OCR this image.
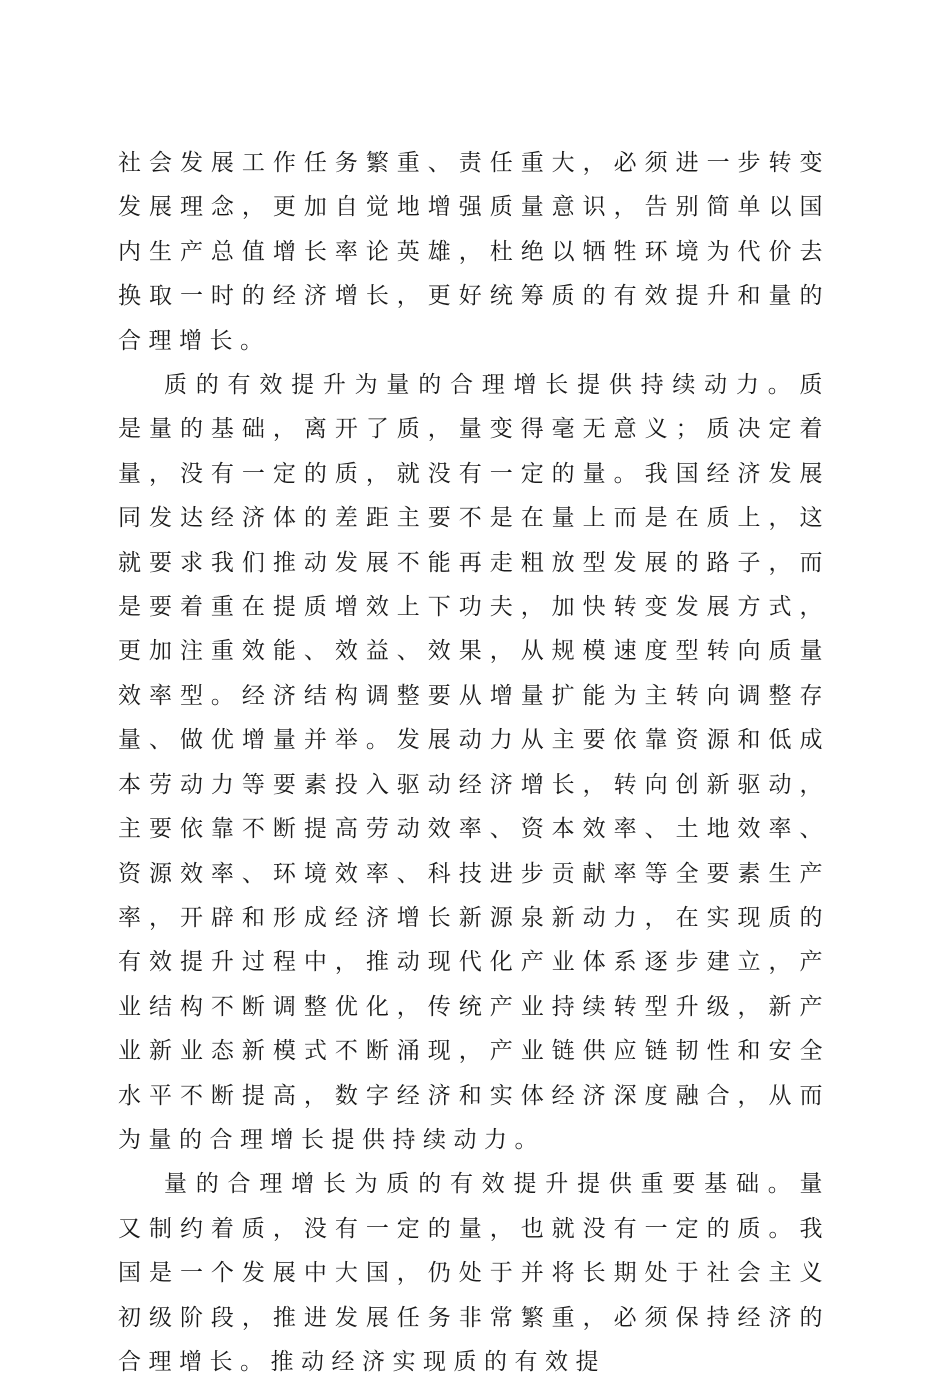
社会发展工作任务繁重、责任重大，必须进一步转变发展理念，更加自觉地增强质量意识，告别简单以国内生产总值增长率论英雄，杜绝以牺牲环境为代价去换取一时的经济增长，更好统筹质的有效提升和量的合理增长。

质的有效提升为量的合理增长提供持续动力。质是量的基础，离开了质，量变得毫无意义；质决定着量，没有一定的质，就没有一定的量。我国经济发展同发达经济体的差距主要不是在量上而是在质上，这就要求我们推动发展不能再走粗放型发展的路子，而是要着重在提质增效上下功夫，加快转变发展方式，更加注重效能、效益、效果，从规模速度型转向质量效率型。经济结构调整要从增量扩能为主转向调整存量、做优增量并举。发展动力从主要依靠资源和低成本劳动力等要素投入驱动经济增长，转向创新驱动，主要依靠不断提高劳动效率、资本效率、土地效率、资源效率、环境效率、科技进步贡献率等全要素生产率，开辟和形成经济增长新源泉新动力，在实现质的有效提升过程中，推动现代化产业体系逐步建立，产业结构不断调整优化，传统产业持续转型升级，新产业新业态新模式不断涌现，产业链供应链韧性和安全水平不断提高，数字经济和实体经济深度融合，从而为量的合理增长提供持续动力。

量的合理增长为质的有效提升提供重要基础。量又制约着质，没有一定的量，也就没有一定的质。我国是一个发展中大国，仍处于并将长期处于社会主义初级阶段，推进发展任务非常繁重，必须保持经济的合理增长。推动经济实现质的有效提
